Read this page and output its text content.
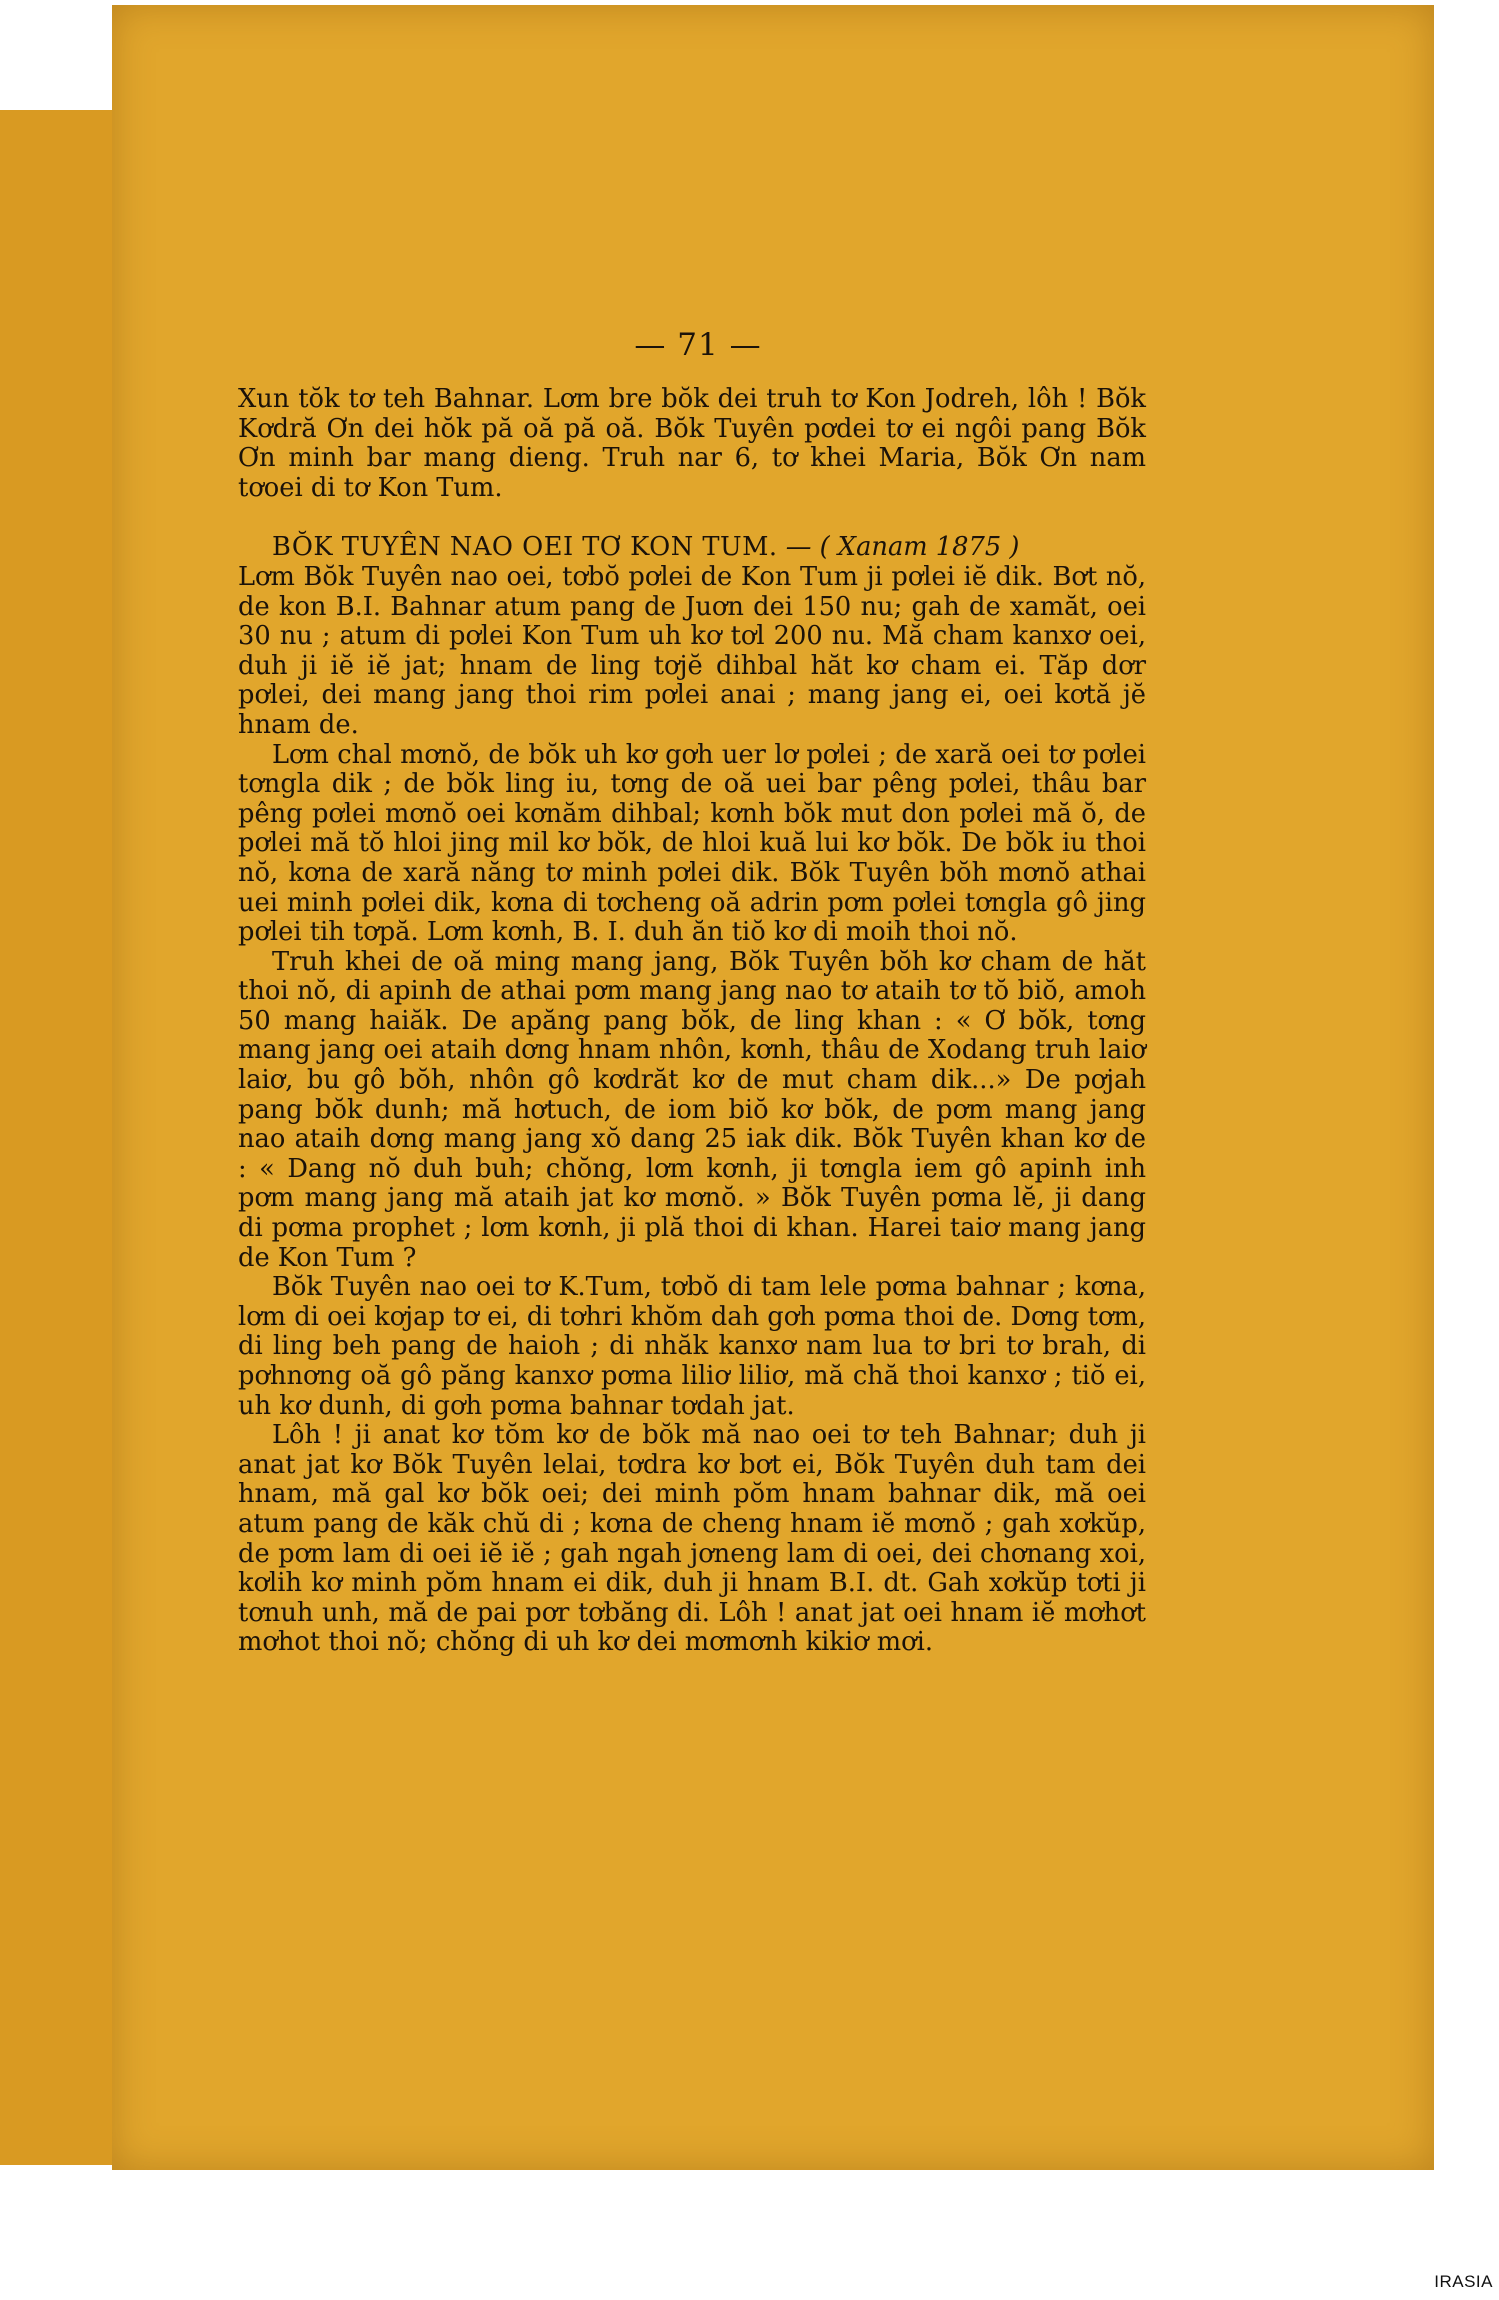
— 71 —

Xun tŏk tơ teh Bahnar. Lơm bre bŏk dei truh tơ Kon Jodreh, lôh ! Bŏk Kơdră Ơn dei hŏk pă oă pă oă. Bŏk Tuyên pơdei tơ ei ngôi pang Bŏk Ơn minh bar mang dieng. Truh nar 6, tơ khei Maria, Bŏk Ơn nam tơoei di tơ Kon Tum.

BŎK TUYÊN NAO OEI TƠ KON TUM. — ( Xanam 1875 )

Lơm Bŏk Tuyên nao oei, tơbŏ pơlei de Kon Tum ji pơlei iĕ dik. Bơt nŏ, de kon B.I. Bahnar atum pang de Juơn dei 150 nu; gah de xamăt, oei 30 nu ; atum di pơlei Kon Tum uh kơ tơl 200 nu. Mă cham kanxơ oei, duh ji iĕ iĕ jat; hnam de ling tơjĕ dihbal hăt kơ cham ei. Tăp dơr pơlei, dei mang jang thoi rim pơlei anai ; mang jang ei, oei kơtă jĕ hnam de.

Lơm chal mơnŏ, de bŏk uh kơ gơh uer lơ pơlei ; de xară oei tơ pơlei tơngla dik ; de bŏk ling iu, tơng de oă uei bar pêng pơlei, thâu bar pêng pơlei mơnŏ oei kơnăm dihbal; kơnh bŏk mut don pơlei mă ŏ, de pơlei mă tŏ hloi jing mil kơ bŏk, de hloi kuă lui kơ bŏk. De bŏk iu thoi nŏ, kơna de xară năng tơ minh pơlei dik. Bŏk Tuyên bŏh mơnŏ athai uei minh pơlei dik, kơna di tơcheng oă adrin pơm pơlei tơngla gô jing pơlei tih tơpă. Lơm kơnh, B. I. duh ăn tiŏ kơ di moih thoi nŏ.

Truh khei de oă ming mang jang, Bŏk Tuyên bŏh kơ cham de hăt thoi nŏ, di apinh de athai pơm mang jang nao tơ ataih tơ tŏ biŏ, amoh 50 mang haiăk. De apăng pang bŏk, de ling khan : « Ơ bŏk, tơng mang jang oei ataih dơng hnam nhôn, kơnh, thâu de Xodang truh laiơ laiơ, bu gô bŏh, nhôn gô kơdrăt kơ de mut cham dik...» De pơjah pang bŏk dunh; mă hơtuch, de iom biŏ kơ bŏk, de pơm mang jang nao ataih dơng mang jang xŏ dang 25 iak dik. Bŏk Tuyên khan kơ de : « Dang nŏ duh buh; chŏng, lơm kơnh, ji tơngla iem gô apinh inh pơm mang jang mă ataih jat kơ mơnŏ. » Bŏk Tuyên pơma lĕ, ji dang di pơma prophet ; lơm kơnh, ji plă thoi di khan. Harei taiơ mang jang de Kon Tum ?

Bŏk Tuyên nao oei tơ K.Tum, tơbŏ di tam lele pơma bahnar ; kơna, lơm di oei kơjap tơ ei, di tơhri khŏm dah gơh pơma thoi de. Dơng tơm, di ling beh pang de haioh ; di nhăk kanxơ nam lua tơ bri tơ brah, di pơhnơng oă gô păng kanxơ pơma liliơ liliơ, mă chă thoi kanxơ ; tiŏ ei, uh kơ dunh, di gơh pơma bahnar tơdah jat.

Lôh ! ji anat kơ tŏm kơ de bŏk mă nao oei tơ teh Bahnar; duh ji anat jat kơ Bŏk Tuyên lelai, tơdra kơ bơt ei, Bŏk Tuyên duh tam dei hnam, mă gal kơ bŏk oei; dei minh pŏm hnam bahnar dik, mă oei atum pang de kăk chŭ di ; kơna de cheng hnam iĕ mơnŏ ; gah xơkŭp, de pơm lam di oei iĕ iĕ ; gah ngah jơneng lam di oei, dei chơnang xoi, kơlih kơ minh pŏm hnam ei dik, duh ji hnam B.I. dt. Gah xơkŭp tơti ji tơnuh unh, mă de pai pơr tơbăng di. Lôh ! anat jat oei hnam iĕ mơhơt mơhot thoi nŏ; chŏng di uh kơ dei mơmơnh kikiơ mơi.

IRASIA
